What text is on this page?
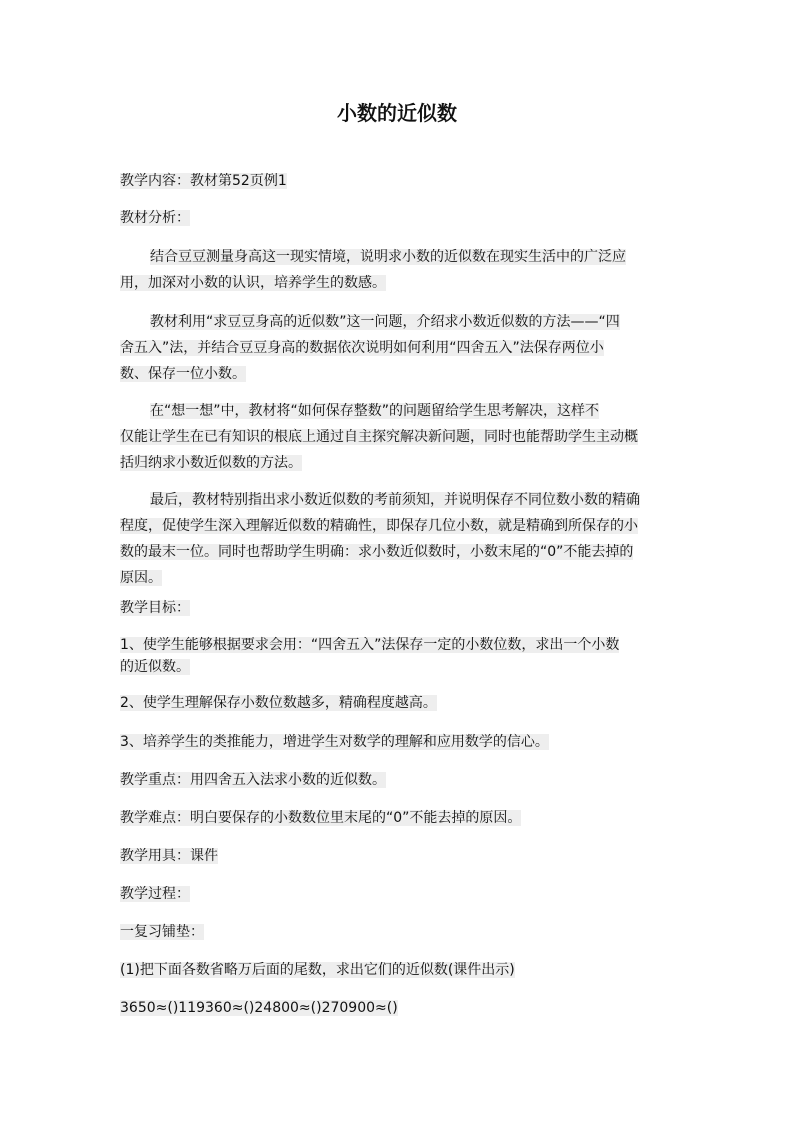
小数的近似数
教学内容：教材第52页例1
教材分析：
结合豆豆测量身高这一现实情境，说明求小数的近似数在现实生活中的广泛应
用，加深对小数的认识，培养学生的数感。
教材利用“求豆豆身高的近似数”这一问题，介绍求小数近似数的方法——“四
舍五入”法，并结合豆豆身高的数据依次说明如何利用“四舍五入”法保存两位小
数、保存一位小数。
在“想一想”中，教材将“如何保存整数”的问题留给学生思考解决，这样不
仅能让学生在已有知识的根底上通过自主探究解决新问题，同时也能帮助学生主动概
括归纳求小数近似数的方法。
最后，教材特别指出求小数近似数的考前须知，并说明保存不同位数小数的精确
程度，促使学生深入理解近似数的精确性，即保存几位小数，就是精确到所保存的小
数的最末一位。同时也帮助学生明确：求小数近似数时，小数末尾的“0”不能去掉的
原因。
教学目标：
1、使学生能够根据要求会用：“四舍五入”法保存一定的小数位数，求出一个小数
的近似数。
2、使学生理解保存小数位数越多，精确程度越高。
3、培养学生的类推能力，增进学生对数学的理解和应用数学的信心。
教学重点：用四舍五入法求小数的近似数。
教学难点：明白要保存的小数数位里末尾的“0”不能去掉的原因。
教学用具：课件
教学过程：
一复习铺垫：
(1)把下面各数省略万后面的尾数，求出它们的近似数(课件出示)
3650≈()119360≈()24800≈()270900≈()
